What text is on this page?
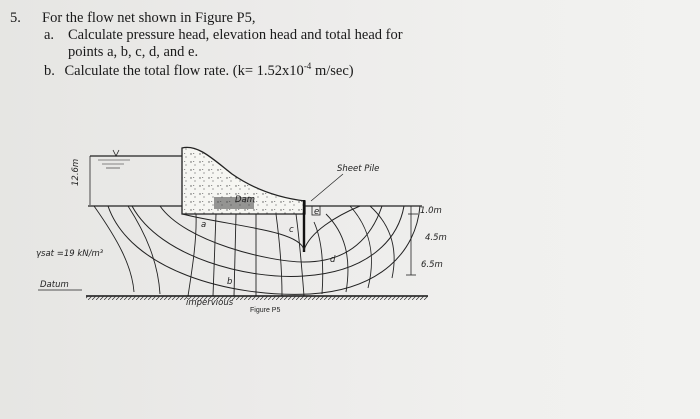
5. For the flow net shown in Figure P5,
a. Calculate pressure head, elevation head and total head for
points a, b, c, d, and e.
b. Calculate the total flow rate. ($k= 1.52x10^{-4}$ m/sec)
12.6m
Dam
Sheet Pile
a
b
c
d
e
impervious
γsat =19 kN/m³
Datum
1.0m
4.5m
6.5m
Figure P5
